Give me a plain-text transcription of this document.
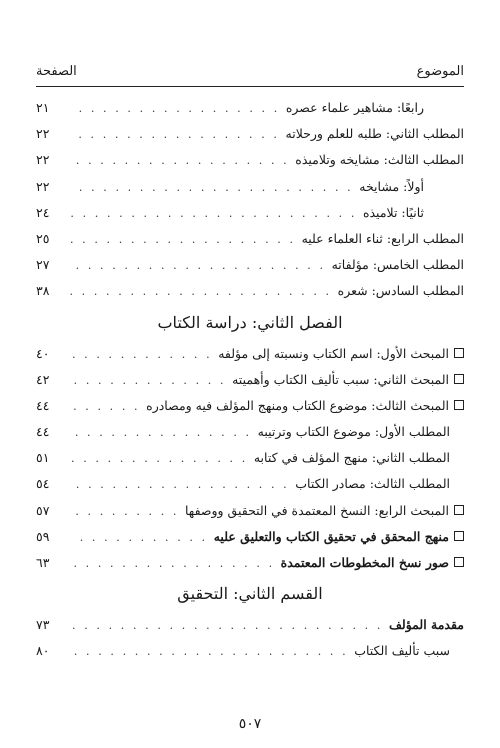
الموضوع
الصفحة
رابعًا: مشاهير علماء عصره
. . .
٢١
المطلب الثاني: طلبه للعلم ورحلاته
. . .
٢٢
المطلب الثالث: مشايخه وتلاميذه
. . .
٢٢
أولاً: مشايخه
. . .
٢٢
ثانيًا: تلاميذه
. . .
٢٤
المطلب الرابع: ثناء العلماء عليه
. . .
٢٥
المطلب الخامس: مؤلفاته
. . .
٢٧
المطلب السادس: شعره
. . .
٣٨
الفصل الثاني: دراسة الكتاب
المبحث الأول: اسم الكتاب ونسبته إلى مؤلفه
. . .
٤٠
المبحث الثاني: سبب تأليف الكتاب وأهميته
. . .
٤٢
المبحث الثالث: موضوع الكتاب ومنهج المؤلف فيه ومصادره
. . .
٤٤
المطلب الأول: موضوع الكتاب وترتيبه
. . .
٤٤
المطلب الثاني: منهج المؤلف في كتابه
. . .
٥١
المطلب الثالث: مصادر الكتاب
. . .
٥٤
المبحث الرابع: النسخ المعتمدة في التحقيق ووصفها
. . .
٥٧
منهج المحقق في تحقيق الكتاب والتعليق عليه
. . .
٥٩
صور نسخ المخطوطات المعتمدة
. . .
٦٣
القسم الثاني: التحقيق
مقدمة المؤلف
. . .
٧٣
سبب تأليف الكتاب
. . .
٨٠
٥٠٧
